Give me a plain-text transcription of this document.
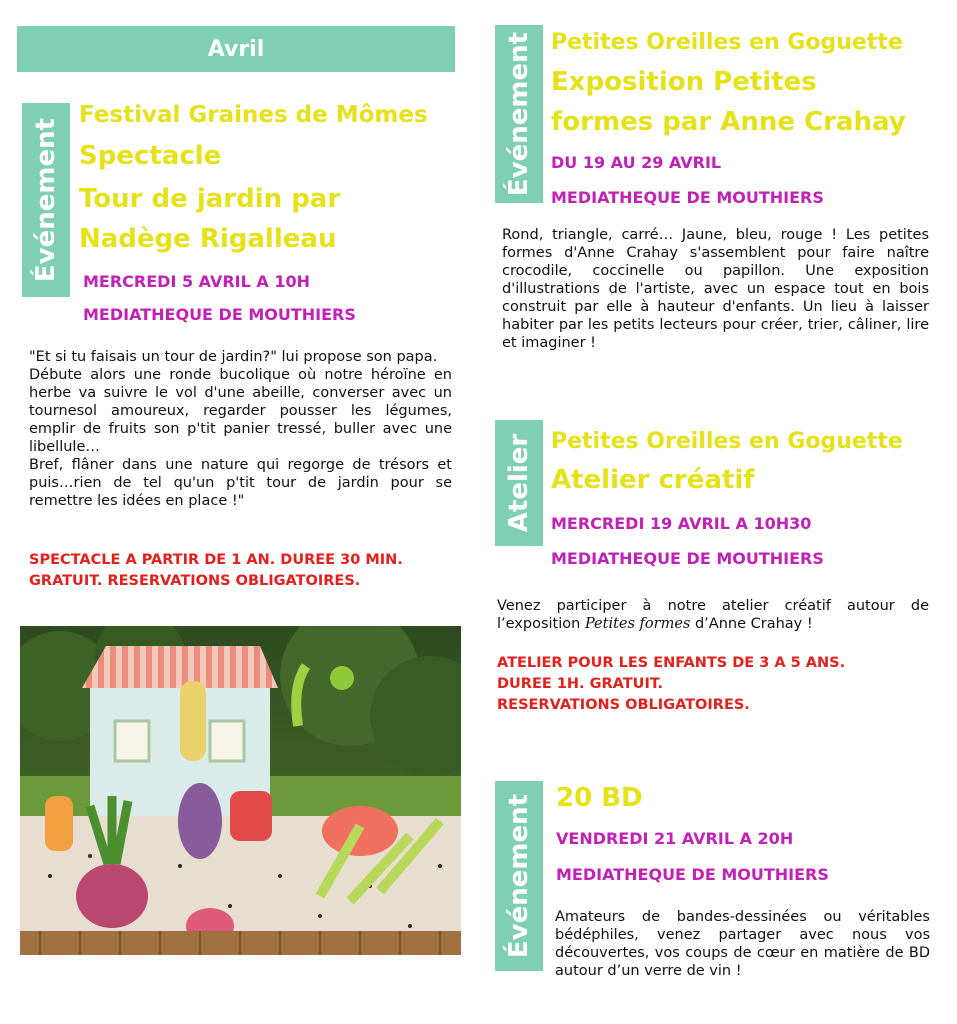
Avril
Événement
Festival Graines de Mômes
Spectacle
Tour de jardin par
Nadège Rigalleau
MERCREDI 5 AVRIL A 10H
MEDIATHEQUE DE MOUTHIERS

"Et si tu faisais un tour de jardin?" lui propose son papa.

Débute alors une ronde bucolique où notre héroïne en herbe va suivre le vol d'une abeille, converser avec un tournesol amoureux, regarder pousser les légumes, emplir de fruits son p'tit panier tressé, buller avec une libellule…

Bref, flâner dans une nature qui regorge de trésors et puis…rien de tel qu'un p'tit tour de jardin pour se remettre les idées en place !"

SPECTACLE A PARTIR DE 1 AN. DUREE 30 MIN.
GRATUIT. RESERVATIONS OBLIGATOIRES.
Événement Petites Oreilles en Goguette
Exposition Petites
formes par Anne Crahay
DU 19 AU 29 AVRIL
MEDIATHEQUE DE MOUTHIERS

Rond, triangle, carré… Jaune, bleu, rouge ! Les petites formes d'Anne Crahay s'assemblent pour faire naître crocodile, coccinelle ou papillon. Une exposition d'illustrations de l'artiste, avec un espace tout en bois construit par elle à hauteur d'enfants. Un lieu à laisser habiter par les petits lecteurs pour créer, trier, câliner, lire et imaginer !

Atelier Petites Oreilles en Goguette
Atelier créatif
MERCREDI 19 AVRIL A 10H30
MEDIATHEQUE DE MOUTHIERS

Venez participer à notre atelier créatif autour de l’exposition Petites formes d’Anne Crahay !

ATELIER POUR LES ENFANTS DE 3 A 5 ANS.
DUREE 1H. GRATUIT.
RESERVATIONS OBLIGATOIRES.
Événement 20 BD
VENDREDI 21 AVRIL A 20H
MEDIATHEQUE DE MOUTHIERS

Amateurs de bandes-dessinées ou véritables bédéphiles, venez partager avec nous vos découvertes, vos coups de cœur en matière de BD autour d’un verre de vin !
